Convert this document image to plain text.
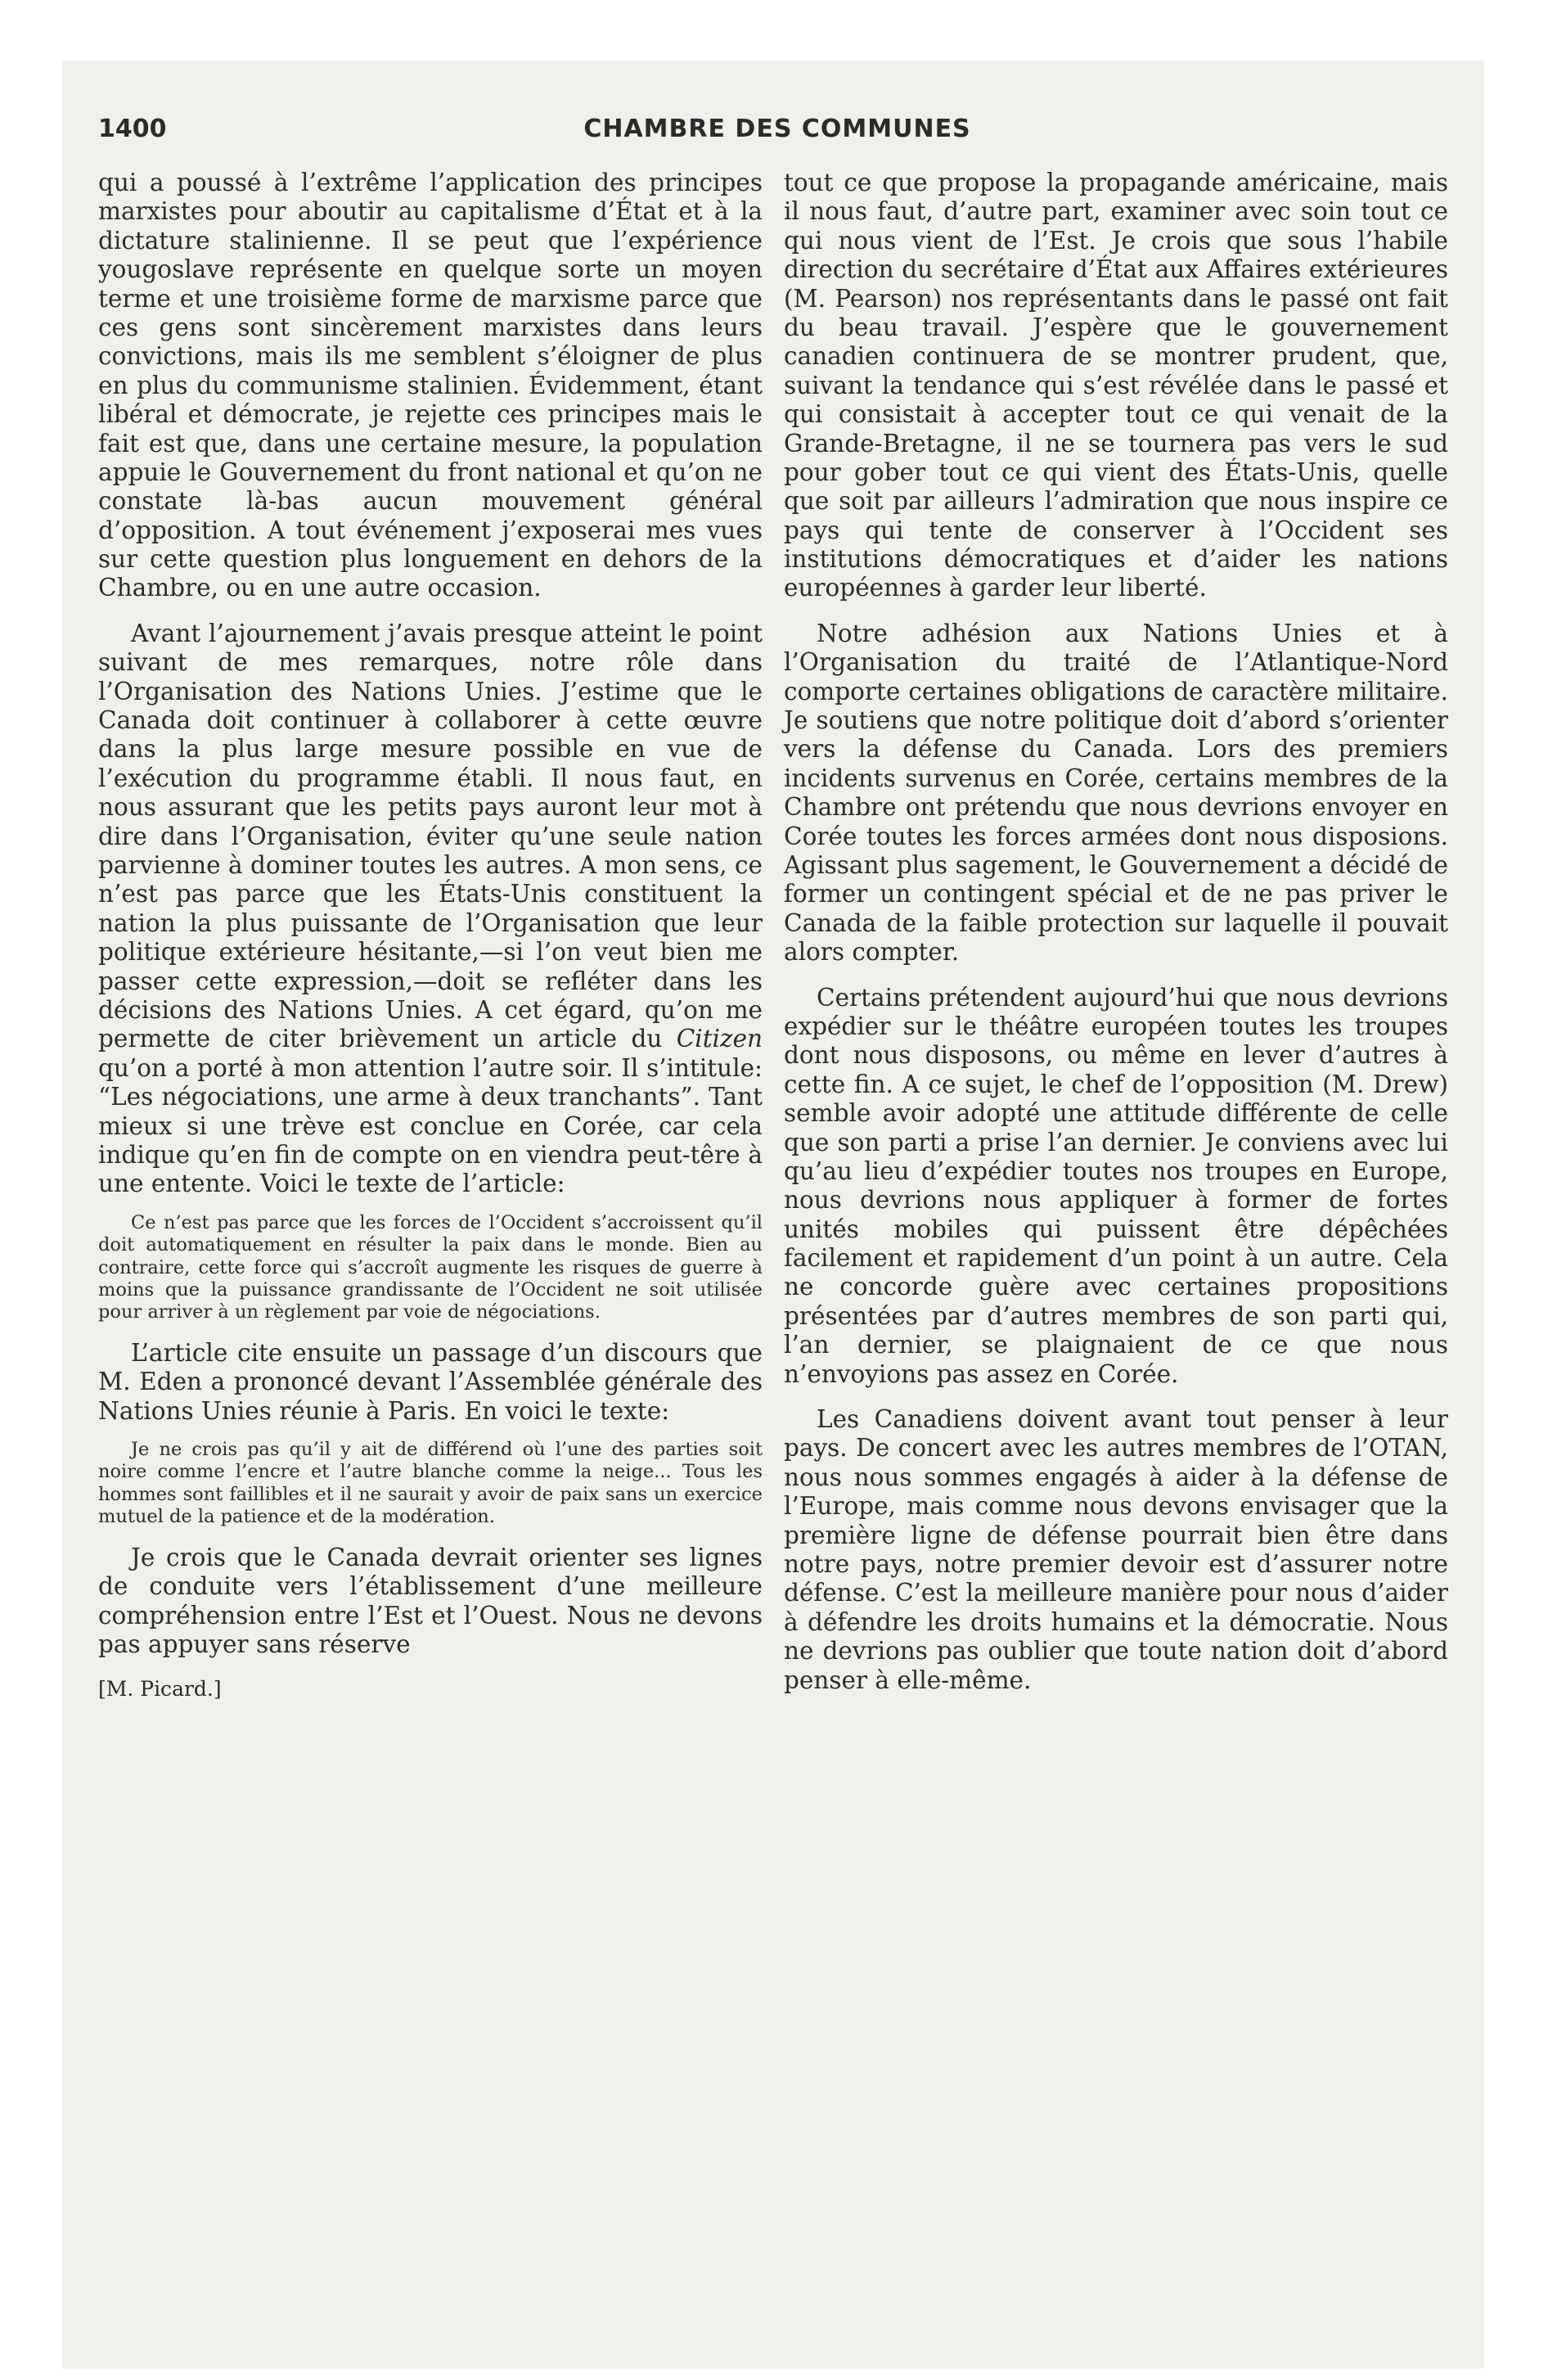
1400	CHAMBRE DES COMMUNES

qui a poussé à l’extrême l’application des principes marxistes pour aboutir au capitalisme d’État et à la dictature stalinienne. Il se peut que l’expérience yougoslave représente en quelque sorte un moyen terme et une troisième forme de marxisme parce que ces gens sont sincèrement marxistes dans leurs convictions, mais ils me semblent s’éloigner de plus en plus du communisme stalinien. Évidemment, étant libéral et démocrate, je rejette ces principes mais le fait est que, dans une certaine mesure, la population appuie le Gouvernement du front national et qu’on ne constate là-bas aucun mouvement général d’opposition. A tout événement j’exposerai mes vues sur cette question plus longuement en dehors de la Chambre, ou en une autre occasion.

Avant l’ajournement j’avais presque atteint le point suivant de mes remarques, notre rôle dans l’Organisation des Nations Unies. J’estime que le Canada doit continuer à collaborer à cette œuvre dans la plus large mesure possible en vue de l’exécution du programme établi. Il nous faut, en nous assurant que les petits pays auront leur mot à dire dans l’Organisation, éviter qu’une seule nation parvienne à dominer toutes les autres. A mon sens, ce n’est pas parce que les États-Unis constituent la nation la plus puissante de l’Organisation que leur politique extérieure hésitante,—si l’on veut bien me passer cette expression,—doit se refléter dans les décisions des Nations Unies. A cet égard, qu’on me permette de citer brièvement un article du Citizen qu’on a porté à mon attention l’autre soir. Il s’intitule: “Les négociations, une arme à deux tranchants”. Tant mieux si une trève est conclue en Corée, car cela indique qu’en fin de compte on en viendra peut-têre à une entente. Voici le texte de l’article:

Ce n’est pas parce que les forces de l’Occident s’accroissent qu’il doit automatiquement en résulter la paix dans le monde. Bien au contraire, cette force qui s’accroît augmente les risques de guerre à moins que la puissance grandissante de l’Occident ne soit utilisée pour arriver à un règlement par voie de négociations.

L’article cite ensuite un passage d’un discours que M. Eden a prononcé devant l’Assemblée générale des Nations Unies réunie à Paris. En voici le texte:

Je ne crois pas qu’il y ait de différend où l’une des parties soit noire comme l’encre et l’autre blanche comme la neige... Tous les hommes sont faillibles et il ne saurait y avoir de paix sans un exercice mutuel de la patience et de la modération.

Je crois que le Canada devrait orienter ses lignes de conduite vers l’établissement d’une meilleure compréhension entre l’Est et l’Ouest. Nous ne devons pas appuyer sans réserve

[M. Picard.]

tout ce que propose la propagande américaine, mais il nous faut, d’autre part, examiner avec soin tout ce qui nous vient de l’Est. Je crois que sous l’habile direction du secrétaire d’État aux Affaires extérieures (M. Pearson) nos représentants dans le passé ont fait du beau travail. J’espère que le gouvernement canadien continuera de se montrer prudent, que, suivant la tendance qui s’est révélée dans le passé et qui consistait à accepter tout ce qui venait de la Grande-Bretagne, il ne se tournera pas vers le sud pour gober tout ce qui vient des États-Unis, quelle que soit par ailleurs l’admiration que nous inspire ce pays qui tente de conserver à l’Occident ses institutions démocratiques et d’aider les nations européennes à garder leur liberté.

Notre adhésion aux Nations Unies et à l’Organisation du traité de l’Atlantique-Nord comporte certaines obligations de caractère militaire. Je soutiens que notre politique doit d’abord s’orienter vers la défense du Canada. Lors des premiers incidents survenus en Corée, certains membres de la Chambre ont prétendu que nous devrions envoyer en Corée toutes les forces armées dont nous disposions. Agissant plus sagement, le Gouvernement a décidé de former un contingent spécial et de ne pas priver le Canada de la faible protection sur laquelle il pouvait alors compter.

Certains prétendent aujourd’hui que nous devrions expédier sur le théâtre européen toutes les troupes dont nous disposons, ou même en lever d’autres à cette fin. A ce sujet, le chef de l’opposition (M. Drew) semble avoir adopté une attitude différente de celle que son parti a prise l’an dernier. Je conviens avec lui qu’au lieu d’expédier toutes nos troupes en Europe, nous devrions nous appliquer à former de fortes unités mobiles qui puissent être dépêchées facilement et rapidement d’un point à un autre. Cela ne concorde guère avec certaines propositions présentées par d’autres membres de son parti qui, l’an dernier, se plaignaient de ce que nous n’envoyions pas assez en Corée.

Les Canadiens doivent avant tout penser à leur pays. De concert avec les autres membres de l’OTAN, nous nous sommes engagés à aider à la défense de l’Europe, mais comme nous devons envisager que la première ligne de défense pourrait bien être dans notre pays, notre premier devoir est d’assurer notre défense. C’est la meilleure manière pour nous d’aider à défendre les droits humains et la démocratie. Nous ne devrions pas oublier que toute nation doit d’abord penser à elle-même.
